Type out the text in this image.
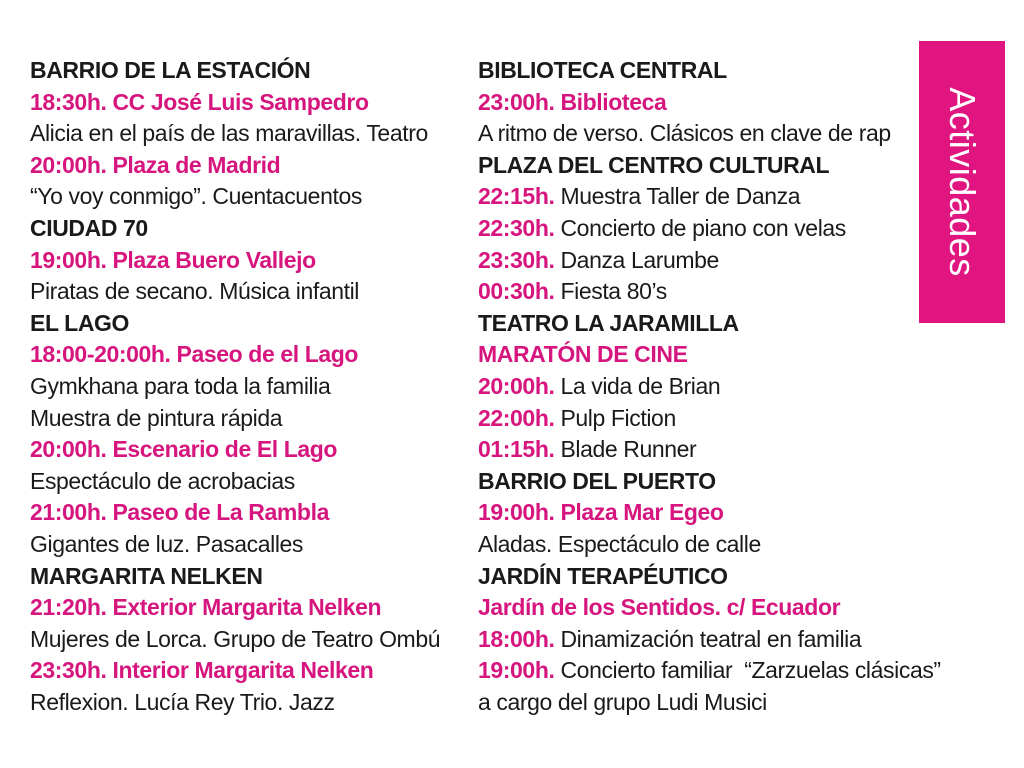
BARRIO DE LA ESTACIÓN
18:30h. CC José Luis Sampedro
Alicia en el país de las maravillas. Teatro
20:00h. Plaza de Madrid
“Yo voy conmigo”. Cuentacuentos
CIUDAD 70
19:00h. Plaza Buero Vallejo
Piratas de secano. Música infantil
EL LAGO
18:00-20:00h. Paseo de el Lago
Gymkhana para toda la familia
Muestra de pintura rápida
20:00h. Escenario de El Lago
Espectáculo de acrobacias
21:00h. Paseo de La Rambla
Gigantes de luz. Pasacalles
MARGARITA NELKEN
21:20h. Exterior Margarita Nelken
Mujeres de Lorca. Grupo de Teatro Ombú
23:30h. Interior Margarita Nelken
Reflexion. Lucía Rey Trio. Jazz
BIBLIOTECA CENTRAL
23:00h. Biblioteca
A ritmo de verso. Clásicos en clave de rap
PLAZA DEL CENTRO CULTURAL
22:15h. Muestra Taller de Danza
22:30h. Concierto de piano con velas
23:30h. Danza Larumbe
00:30h. Fiesta 80’s
TEATRO LA JARAMILLA
MARATÓN DE CINE
20:00h. La vida de Brian
22:00h. Pulp Fiction
01:15h. Blade Runner
BARRIO DEL PUERTO
19:00h. Plaza Mar Egeo
Aladas. Espectáculo de calle
JARDÍN TERAPÉUTICO
Jardín de los Sentidos. c/ Ecuador
18:00h. Dinamización teatral en familia
19:00h. Concierto familiar  “Zarzuelas clásicas”
a cargo del grupo Ludi Musici
Actividades
